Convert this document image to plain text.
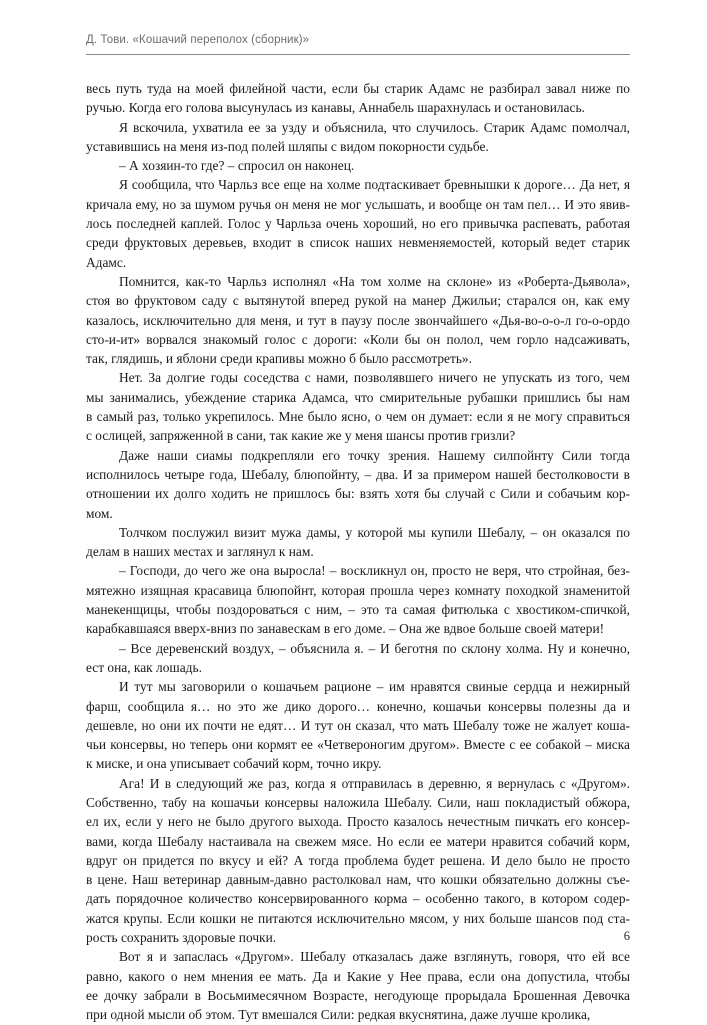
Д. Тови. «Кошачий переполох (сборник)»
весь путь туда на моей филейной части, если бы старик Адамс не разбирал завал ниже по
ручью. Когда его голова высунулась из канавы, Аннабель шарахнулась и остановилась.
Я вскочила, ухватила ее за узду и объяснила, что случилось. Старик Адамс помолчал,
уставившись на меня из-под полей шляпы с видом покорности судьбе.
– А хозяин-то где? – спросил он наконец.
Я сообщила, что Чарльз все еще на холме подтаскивает бревнышки к дороге… Да нет, я
кричала ему, но за шумом ручья он меня не мог услышать, и вообще он там пел… И это явив-
лось последней каплей. Голос у Чарльза очень хороший, но его привычка распевать, работая
среди фруктовых деревьев, входит в список наших невменяемостей, который ведет старик
Адамс.
Помнится, как-то Чарльз исполнял «На том холме на склоне» из «Роберта-Дьявола»,
стоя во фруктовом саду с вытянутой вперед рукой на манер Джильи; старался он, как ему
казалось, исключительно для меня, и тут в паузу после звончайшего «Дья-во-о-о-л го-о-ордо
сто-и-ит» ворвался знакомый голос с дороги: «Коли бы он полол, чем горло надсаживать,
так, глядишь, и яблони среди крапивы можно б было рассмотреть».
Нет. За долгие годы соседства с нами, позволявшего ничего не упускать из того, чем
мы занимались, убеждение старика Адамса, что смирительные рубашки пришлись бы нам
в самый раз, только укрепилось. Мне было ясно, о чем он думает: если я не могу справиться
с ослицей, запряженной в сани, так какие же у меня шансы против гризли?
Даже наши сиамы подкрепляли его точку зрения. Нашему силпойнту Сили тогда
исполнилось четыре года, Шебалу, блюпойнту, – два. И за примером нашей бестолковости в
отношении их долго ходить не пришлось бы: взять хотя бы случай с Сили и собачьим кор-
мом.
Толчком послужил визит мужа дамы, у которой мы купили Шебалу, – он оказался по
делам в наших местах и заглянул к нам.
– Господи, до чего же она выросла! – воскликнул он, просто не веря, что стройная, без-
мятежно изящная красавица блюпойнт, которая прошла через комнату походкой знаменитой
манекенщицы, чтобы поздороваться с ним, – это та самая фитюлька с хвостиком-спичкой,
карабкавшаяся вверх-вниз по занавескам в его доме. – Она же вдвое больше своей матери!
– Все деревенский воздух, – объяснила я. – И беготня по склону холма. Ну и конечно,
ест она, как лошадь.
И тут мы заговорили о кошачьем рационе – им нравятся свиные сердца и нежирный
фарш, сообщила я… но это же дико дорого… конечно, кошачьи консервы полезны да и
дешевле, но они их почти не едят… И тут он сказал, что мать Шебалу тоже не жалует коша-
чьи консервы, но теперь они кормят ее «Четвероногим другом». Вместе с ее собакой – миска
к миске, и она уписывает собачий корм, точно икру.
Ага! И в следующий же раз, когда я отправилась в деревню, я вернулась с «Другом».
Собственно, табу на кошачьи консервы наложила Шебалу. Сили, наш покладистый обжора,
ел их, если у него не было другого выхода. Просто казалось нечестным пичкать его консер-
вами, когда Шебалу настаивала на свежем мясе. Но если ее матери нравится собачий корм,
вдруг он придется по вкусу и ей? А тогда проблема будет решена. И дело было не просто
в цене. Наш ветеринар давным-давно растолковал нам, что кошки обязательно должны съе-
дать порядочное количество консервированного корма – особенно такого, в котором содер-
жатся крупы. Если кошки не питаются исключительно мясом, у них больше шансов под ста-
рость сохранить здоровые почки.
Вот я и запаслась «Другом». Шебалу отказалась даже взглянуть, говоря, что ей все
равно, какого о нем мнения ее мать. Да и Какие у Нее права, если она допустила, чтобы
ее дочку забрали в Восьмимесячном Возрасте, негодующе прорыдала Брошенная Девочка
при одной мысли об этом. Тут вмешался Сили: редкая вкуснятина, даже лучше кролика,
6
